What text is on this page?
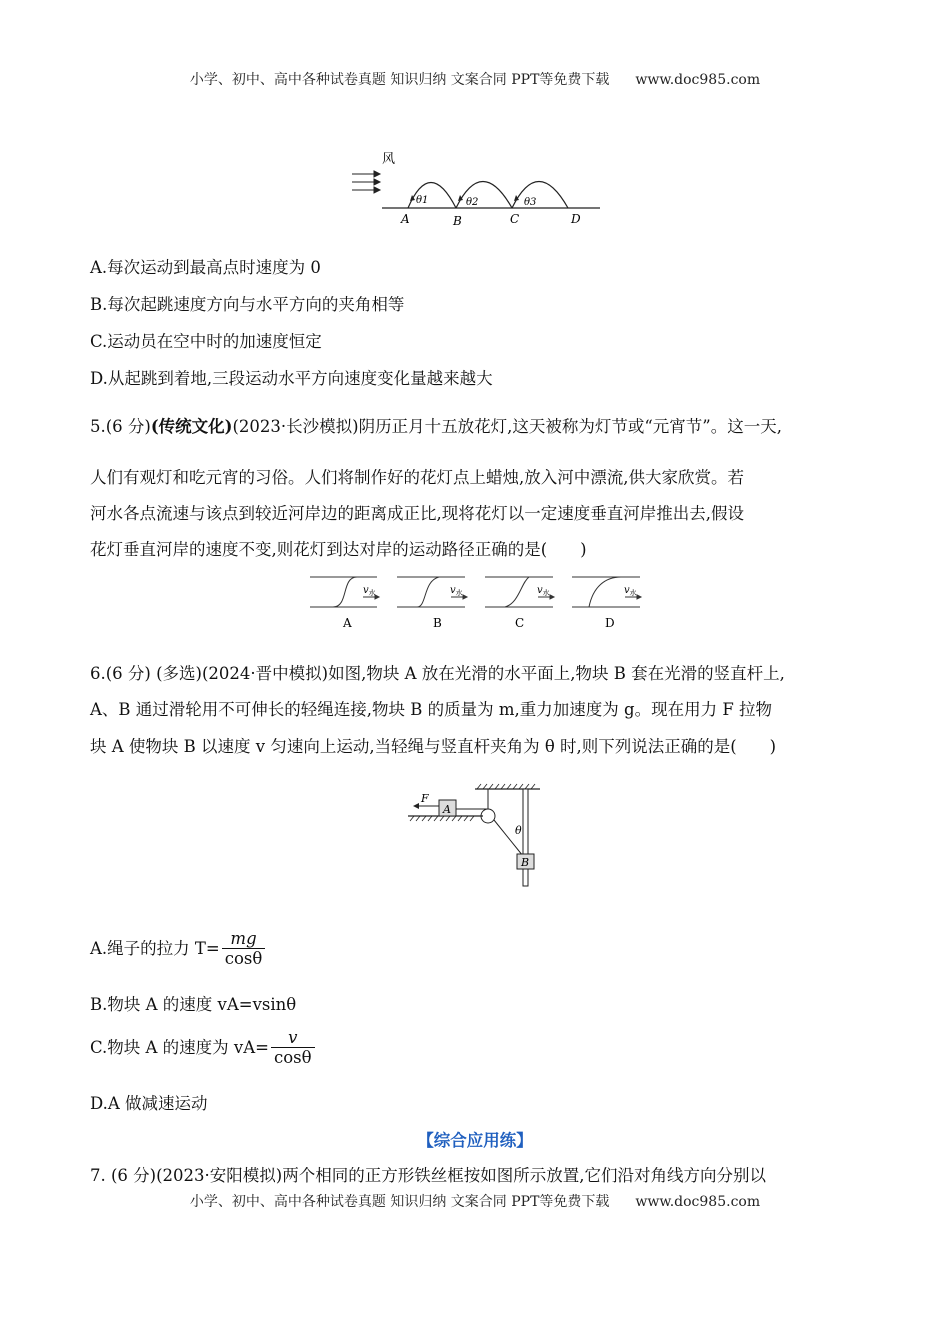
小学、初中、高中各种试卷真题 知识归纳 文案合同 PPT等免费下载 www.doc985.com
风
θ1	θ2	θ3
A	B	C	D
A.每次运动到最高点时速度为 0
B.每次起跳速度方向与水平方向的夹角相等
C.运动员在空中时的加速度恒定
D.从起跳到着地,三段运动水平方向速度变化量越来越大
5.(6 分)(传统文化)(2023·长沙模拟)阴历正月十五放花灯,这天被称为灯节或“元宵节”。这一天,
人们有观灯和吃元宵的习俗。人们将制作好的花灯点上蜡烛,放入河中漂流,供大家欣赏。若
河水各点流速与该点到较近河岸边的距离成正比,现将花灯以一定速度垂直河岸推出去,假设
花灯垂直河岸的速度不变,则花灯到达对岸的运动路径正确的是(　　)
$v_水$	$v_水$	$v_水$	$v_水$
A	B	C	D
6.(6 分) (多选)(2024·晋中模拟)如图,物块 A 放在光滑的水平面上,物块 B 套在光滑的竖直杆上,
A、B 通过滑轮用不可伸长的轻绳连接,物块 B 的质量为 m,重力加速度为 g。现在用力 F 拉物
块 A 使物块 B 以速度 v 匀速向上运动,当轻绳与竖直杆夹角为 θ 时,则下列说法正确的是(　　)
A
F
θ
B
A.绳子的拉力 $T= \frac{mg}{\cos\theta}$
B.物块 A 的速度 vA=vsinθ
C.物块 A 的速度为 $vA= \frac{v}{\cos\theta}$
D.A 做减速运动
【综合应用练】
7. (6 分)(2023·安阳模拟)两个相同的正方形铁丝框按如图所示放置,它们沿对角线方向分别以
小学、初中、高中各种试卷真题 知识归纳 文案合同 PPT等免费下载 www.doc985.com
